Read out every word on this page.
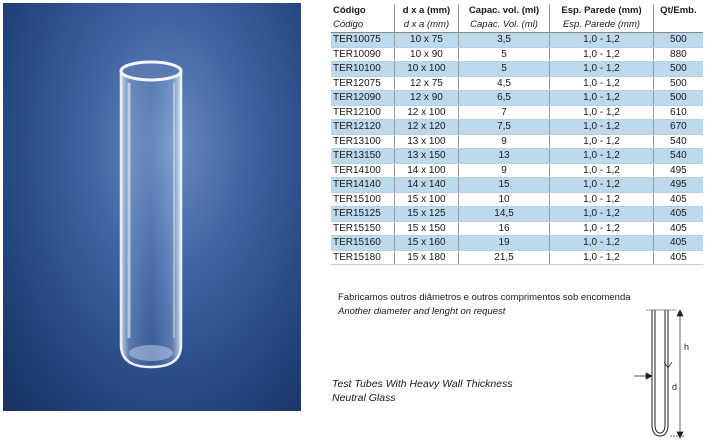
Código	d x a (mm)	Capac. vol. (ml)	Esp. Parede (mm)	Qt/Emb.
Código	d x a (mm)	Capac. Vol. (ml)	Esp. Parede (mm)	
TER10075	10 x 75	3,5	1,0 - 1,2	500
TER10090	10 x 90	5	1,0 - 1,2	880
TER10100	10 x 100	5	1,0 - 1,2	500
TER12075	12 x 75	4,5	1,0 - 1,2	500
TER12090	12 x 90	6,5	1,0 - 1,2	500
TER12100	12 x 100	7	1,0 - 1,2	610
TER12120	12 x 120	7,5	1,0 - 1,2	670
TER13100	13 x 100	9	1,0 - 1,2	540
TER13150	13 x 150	13	1,0 - 1,2	540
TER14100	14 x 100	9	1,0 - 1,2	495
TER14140	14 x 140	15	1,0 - 1,2	495
TER15100	15 x 100	10	1,0 - 1,2	405
TER15125	15 x 125	14,5	1,0 - 1,2	405
TER15150	15 x 150	16	1,0 - 1,2	405
TER15160	15 x 160	19	1,0 - 1,2	405
TER15180	15 x 180	21,5	1,0 - 1,2	405
Fabricamos outros diâmetros e outros comprimentos sob encomenda
Another diameter and lenght on request
Test Tubes With Heavy Wall Thickness
Neutral Glass
h
d
